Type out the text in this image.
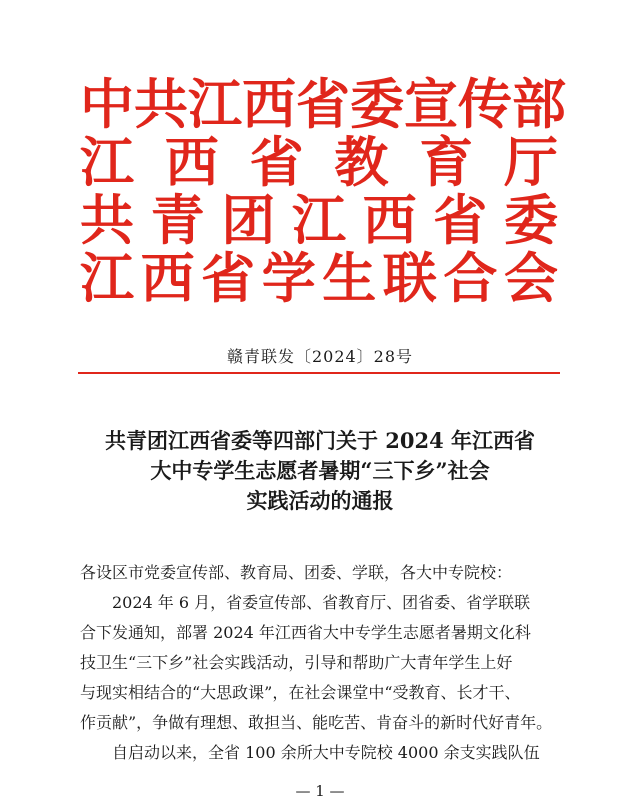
中 共 江 西 省 委 宣 传 部
江 西 省 教 育 厅
共 青 团 江 西 省 委
江 西 省 学 生 联 合 会
赣青联发〔2024〕28号
共青团江西省委等四部门关于 2024 年江西省
大中专学生志愿者暑期“三下乡”社会
实践活动的通报
各设区市党委宣传部、教育局、团委、学联，各大中专院校：
2024 年 6 月，省委宣传部、省教育厅、团省委、省学联联
合下发通知，部署 2024 年江西省大中专学生志愿者暑期文化科
技卫生“三下乡”社会实践活动，引导和帮助广大青年学生上好
与现实相结合的“大思政课”，在社会课堂中“受教育、长才干、
作贡献”，争做有理想、敢担当、能吃苦、肯奋斗的新时代好青年。
自启动以来，全省 100 余所大中专院校 4000 余支实践队伍
— 1 —
